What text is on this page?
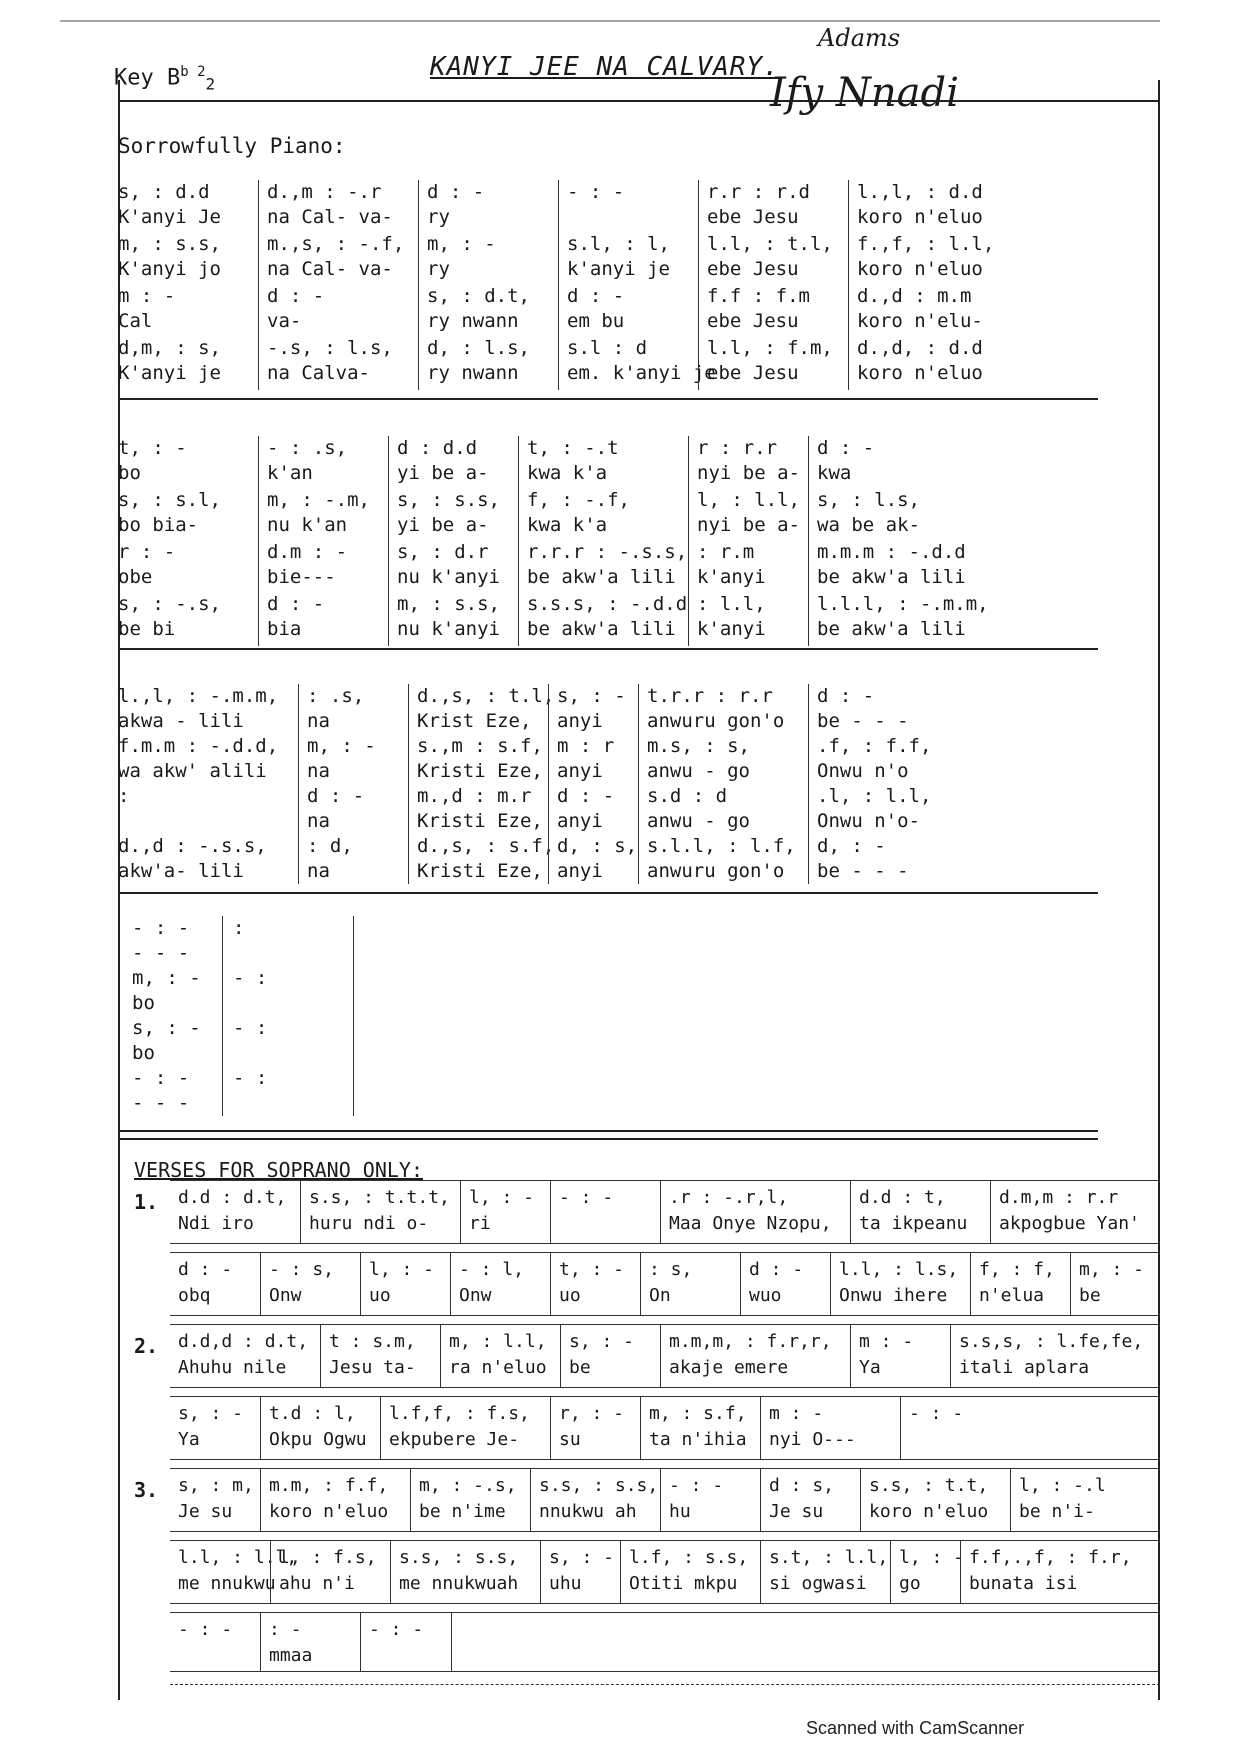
Key $B^{b 2}_2$
KANYI JEE NA CALVARY.
Adams
Ify Nnadi
Sorrowfully Piano:
s, : d.d
K'anyi Je
m, : s.s,
K'anyi jo
m : -
Cal
d,m, : s,
K'anyi je
d.,m : -.r
na Cal- va-
m.,s, : -.f,
na Cal- va-
d : -
va-
-.s, : l.s,
na Calva-
d : -
ry
m, : -
ry
s, : d.t,
ry nwann
d, : l.s,
ry nwann
- : -
s.l, : l,
k'anyi je
d : -
em bu
s.l : d
em. k'anyi je
r.r : r.d
ebe Jesu
l.l, : t.l,
ebe Jesu
f.f : f.m
ebe Jesu
l.l, : f.m,
ebe Jesu
l.,l, : d.d
koro n'eluo
f.,f, : l.l,
koro n'eluo
d.,d : m.m
koro n'elu-
d.,d, : d.d
koro n'eluo
t, : -
bo
s, : s.l,
bo bia-
r : -
obe
s, : -.s,
be bi
- : .s,
k'an
m, : -.m,
nu k'an
d.m : -
bie---
d : -
bia
d : d.d
yi be a-
s, : s.s,
yi be a-
s, : d.r
nu k'anyi
m, : s.s,
nu k'anyi
t, : -.t
kwa k'a
f, : -.f,
kwa k'a
r.r.r : -.s.s,
be akw'a lili
s.s.s, : -.d.d
be akw'a lili
r : r.r
nyi be a-
l, : l.l,
nyi be a-
: r.m
k'anyi
: l.l,
k'anyi
d : -
kwa
s, : l.s,
wa be ak-
m.m.m : -.d.d
be akw'a lili
l.l.l, : -.m.m,
be akw'a lili
l.,l, : -.m.m,
akwa - lili
f.m.m : -.d.d,
wa akw' alili
:
d.,d : -.s.s,
akw'a- lili
: .s,
na
m, : -
na
d : -
na
: d,
na
d.,s, : t.l,
Krist Eze,
s.,m : s.f,
Kristi Eze,
m.,d : m.r
Kristi Eze,
d.,s, : s.f,
Kristi Eze,
s, : -
anyi
m : r
anyi
d : -
anyi
d, : s,
anyi
t.r.r : r.r
anwuru gon'o
m.s, : s,
anwu - go
s.d : d
anwu - go
s.l.l, : l.f,
anwuru gon'o
d : -
be - - -
.f, : f.f,
Onwu n'o
.l, : l.l,
Onwu n'o-
d, : -
be - - -
- : -
- - -
m, : -
bo
s, : -
bo
- : -
- - -
:
- :
- :
- :
VERSES FOR SOPRANO ONLY:
1. d.d : d.t,
Ndi iro
s.s, : t.t.t,
huru ndi o-
l, : -
ri
- : -	.r : -.r,l,
Maa Onye Nzopu,
d.d : t,
ta ikpeanu
d.m,m : r.r
akpogbue Yan'
d : -
obq
- : s,
Onw
l, : -
uo
- : l,
Onw
t, : -
uo
: s,
On
d : -
wuo
l.l, : l.s,
Onwu ihere
f, : f,
n'elua
m, : -
be
2. d.d,d : d.t,
Ahuhu nile
t : s.m,
Jesu ta-
m, : l.l,
ra n'eluo
s, : -
be
m.m,m, : f.r,r,
akaje emere
m : -
Ya
s.s,s, : l.fe,fe,
itali aplara
s, : -
Ya
t.d : l,
Okpu Ogwu
l.f,f, : f.s,
ekpubere Je-
r, : -
su
m, : s.f,
ta n'ihia
m : -
nyi O---
- : -
3. s, : m,
Je su
m.m, : f.f,
koro n'eluo
m, : -.s,
be n'ime
s.s, : s.s,
nnukwu ah
- : -
hu
d : s,
Je su
s.s, : t.t,
koro n'eluo
l, : -.l
be n'i-
l.l, : l.l,
me nnukwu
l, : f.s,
ahu n'i
s.s, : s.s,
me nnukwuah
s, : -
uhu
l.f, : s.s,
Otiti mkpu
s.t, : l.l,
si ogwasi
l, : -
go
f.f,.,f, : f.r,
bunata isi
- : - : -
mmaa
- : -
Scanned with CamScanner
